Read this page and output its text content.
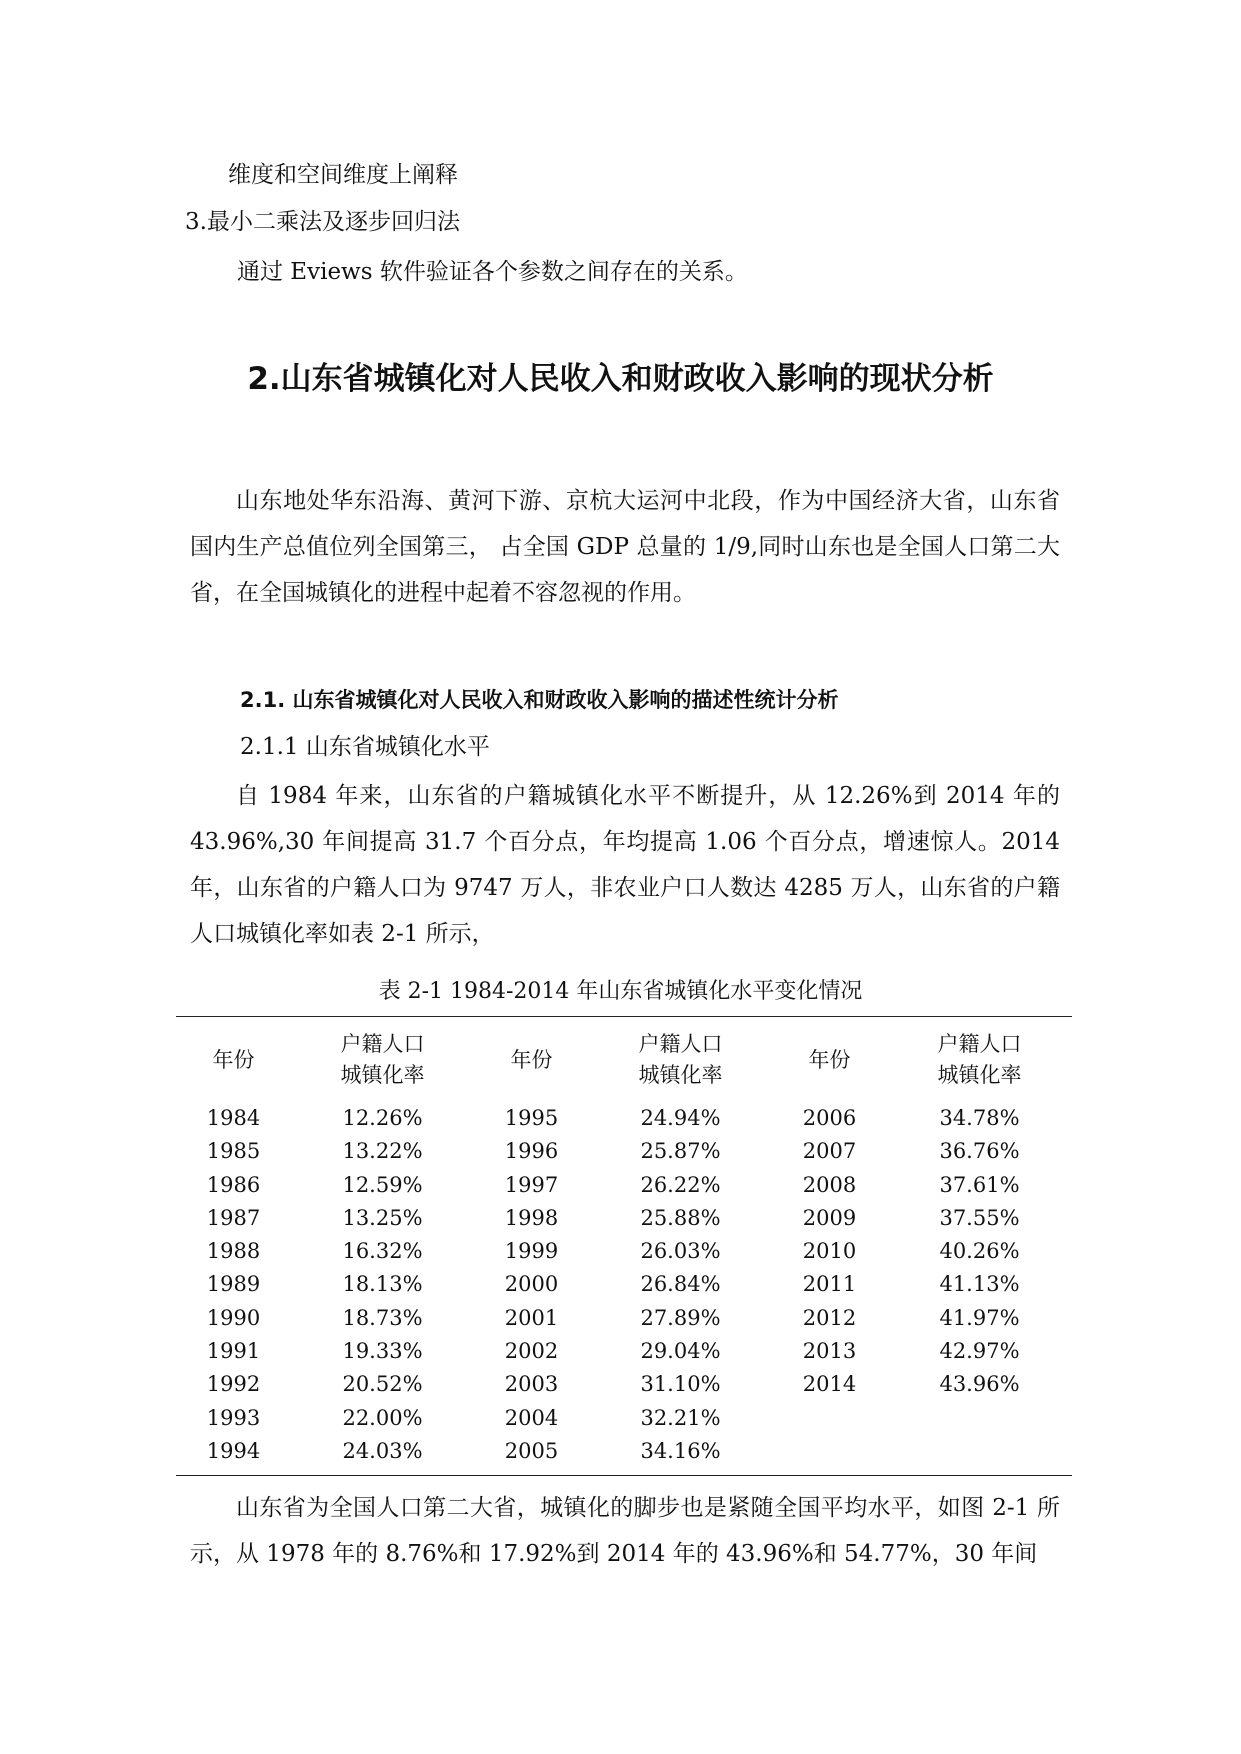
维度和空间维度上阐释
3.最小二乘法及逐步回归法
通过 Eviews 软件验证各个参数之间存在的关系。
2.山东省城镇化对人民收入和财政收入影响的现状分析
山东地处华东沿海、黄河下游、京杭大运河中北段，作为中国经济大省，山东省国内生产总值位列全国第三， 占全国 GDP 总量的 1/9,同时山东也是全国人口第二大省，在全国城镇化的进程中起着不容忽视的作用。
2.1. 山东省城镇化对人民收入和财政收入影响的描述性统计分析
2.1.1 山东省城镇化水平
自 1984 年来，山东省的户籍城镇化水平不断提升，从 12.26%到 2014 年的 43.96%,30 年间提高 31.7 个百分点，年均提高 1.06 个百分点，增速惊人。2014 年，山东省的户籍人口为 9747 万人，非农业户口人数达 4285 万人，山东省的户籍人口城镇化率如表 2-1 所示，
表 2-1 1984-2014 年山东省城镇化水平变化情况
年份	户籍人口城镇化率	年份	户籍人口城镇化率	年份	户籍人口城镇化率
1984	12.26%	1995	24.94%	2006	34.78%
1985	13.22%	1996	25.87%	2007	36.76%
1986	12.59%	1997	26.22%	2008	37.61%
1987	13.25%	1998	25.88%	2009	37.55%
1988	16.32%	1999	26.03%	2010	40.26%
1989	18.13%	2000	26.84%	2011	41.13%
1990	18.73%	2001	27.89%	2012	41.97%
1991	19.33%	2002	29.04%	2013	42.97%
1992	20.52%	2003	31.10%	2014	43.96%
1993	22.00%	2004	32.21%		
1994	24.03%	2005	34.16%		
山东省为全国人口第二大省，城镇化的脚步也是紧随全国平均水平，如图 2-1 所示，从 1978 年的 8.76%和 17.92%到 2014 年的 43.96%和 54.77%，30 年间
